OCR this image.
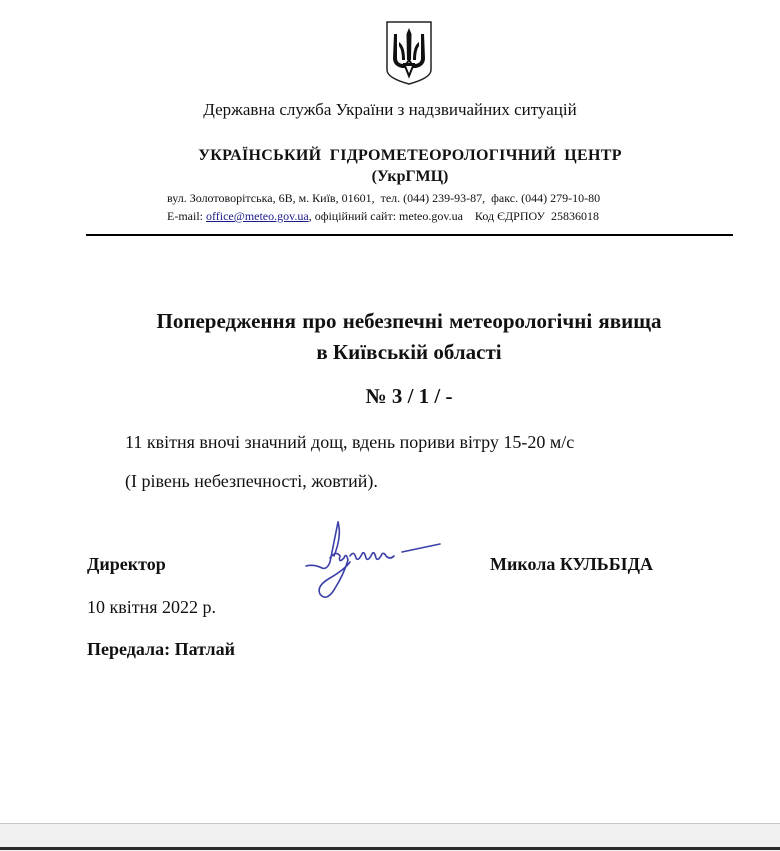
Державна служба України з надзвичайних ситуацій
УКРАЇНСЬКИЙ ГІДРОМЕТЕОРОЛОГІЧНИЙ ЦЕНТР
(УкрГМЦ)
вул. Золотоворітська, 6В, м. Київ, 01601,  тел. (044) 239-93-87,  факс. (044) 279-10-80
E-mail: office@meteo.gov.ua, офіційний сайт: meteo.gov.ua    Код ЄДРПОУ  25836018
Попередження про небезпечні метеорологічні явища
в Київській області
№ 3 / 1 / -
11 квітня вночі значний дощ, вдень пориви вітру 15-20 м/с
(І рівень небезпечності, жовтий).
Директор	Микола КУЛЬБІДА
10 квітня 2022 р.
Передала: Патлай
